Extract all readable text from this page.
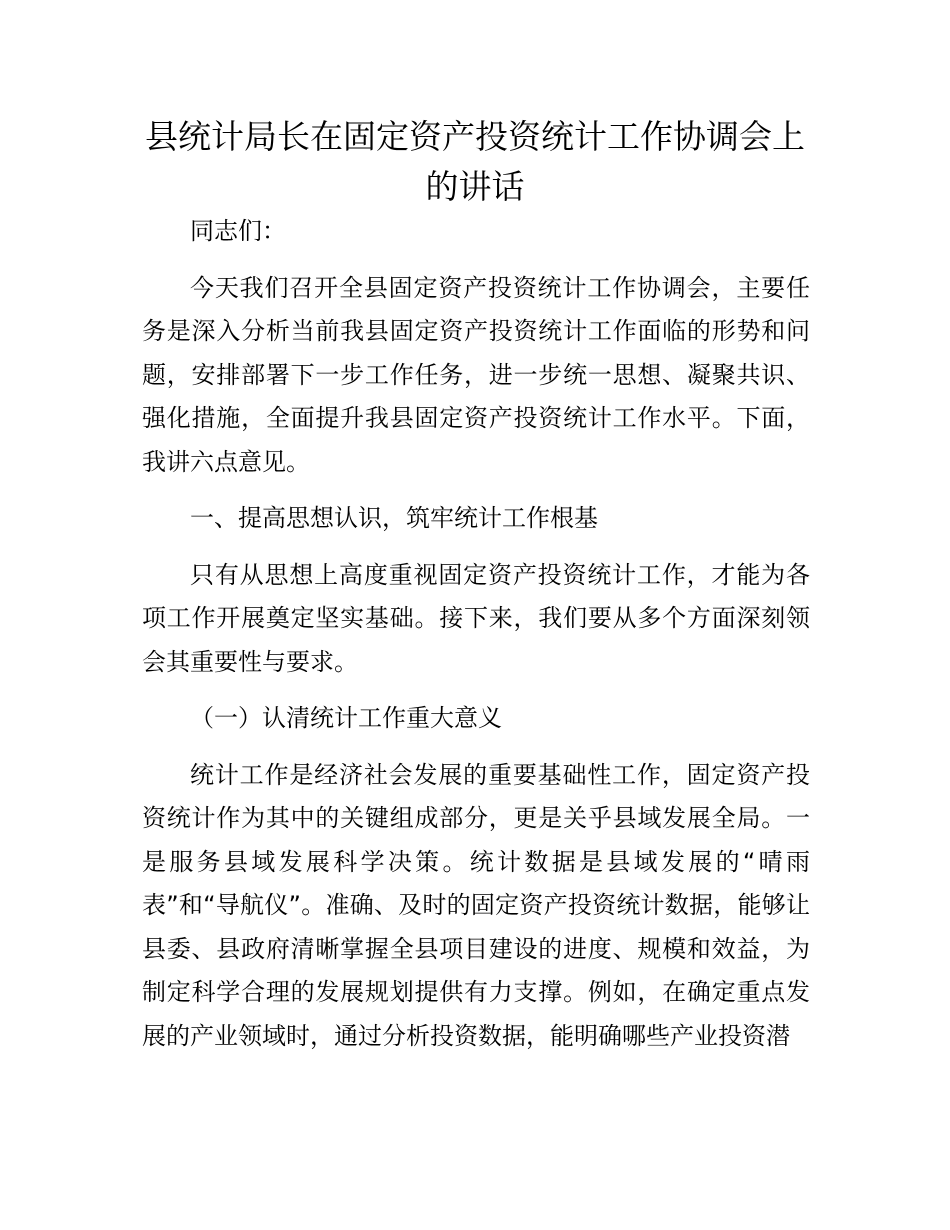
县统计局长在固定资产投资统计工作协调会上的讲话

同志们：

今天我们召开全县固定资产投资统计工作协调会，主要任务是深入分析当前我县固定资产投资统计工作面临的形势和问题，安排部署下一步工作任务，进一步统一思想、凝聚共识、强化措施，全面提升我县固定资产投资统计工作水平。下面，我讲六点意见。

一、提高思想认识，筑牢统计工作根基

只有从思想上高度重视固定资产投资统计工作，才能为各项工作开展奠定坚实基础。接下来，我们要从多个方面深刻领会其重要性与要求。

（一）认清统计工作重大意义

统计工作是经济社会发展的重要基础性工作，固定资产投资统计作为其中的关键组成部分，更是关乎县域发展全局。一是服务县域发展科学决策。统计数据是县域发展的“晴雨表”和“导航仪”。准确、及时的固定资产投资统计数据，能够让县委、县政府清晰掌握全县项目建设的进度、规模和效益，为制定科学合理的发展规划提供有力支撑。例如，在确定重点发展的产业领域时，通过分析投资数据，能明确哪些产业投资潜
